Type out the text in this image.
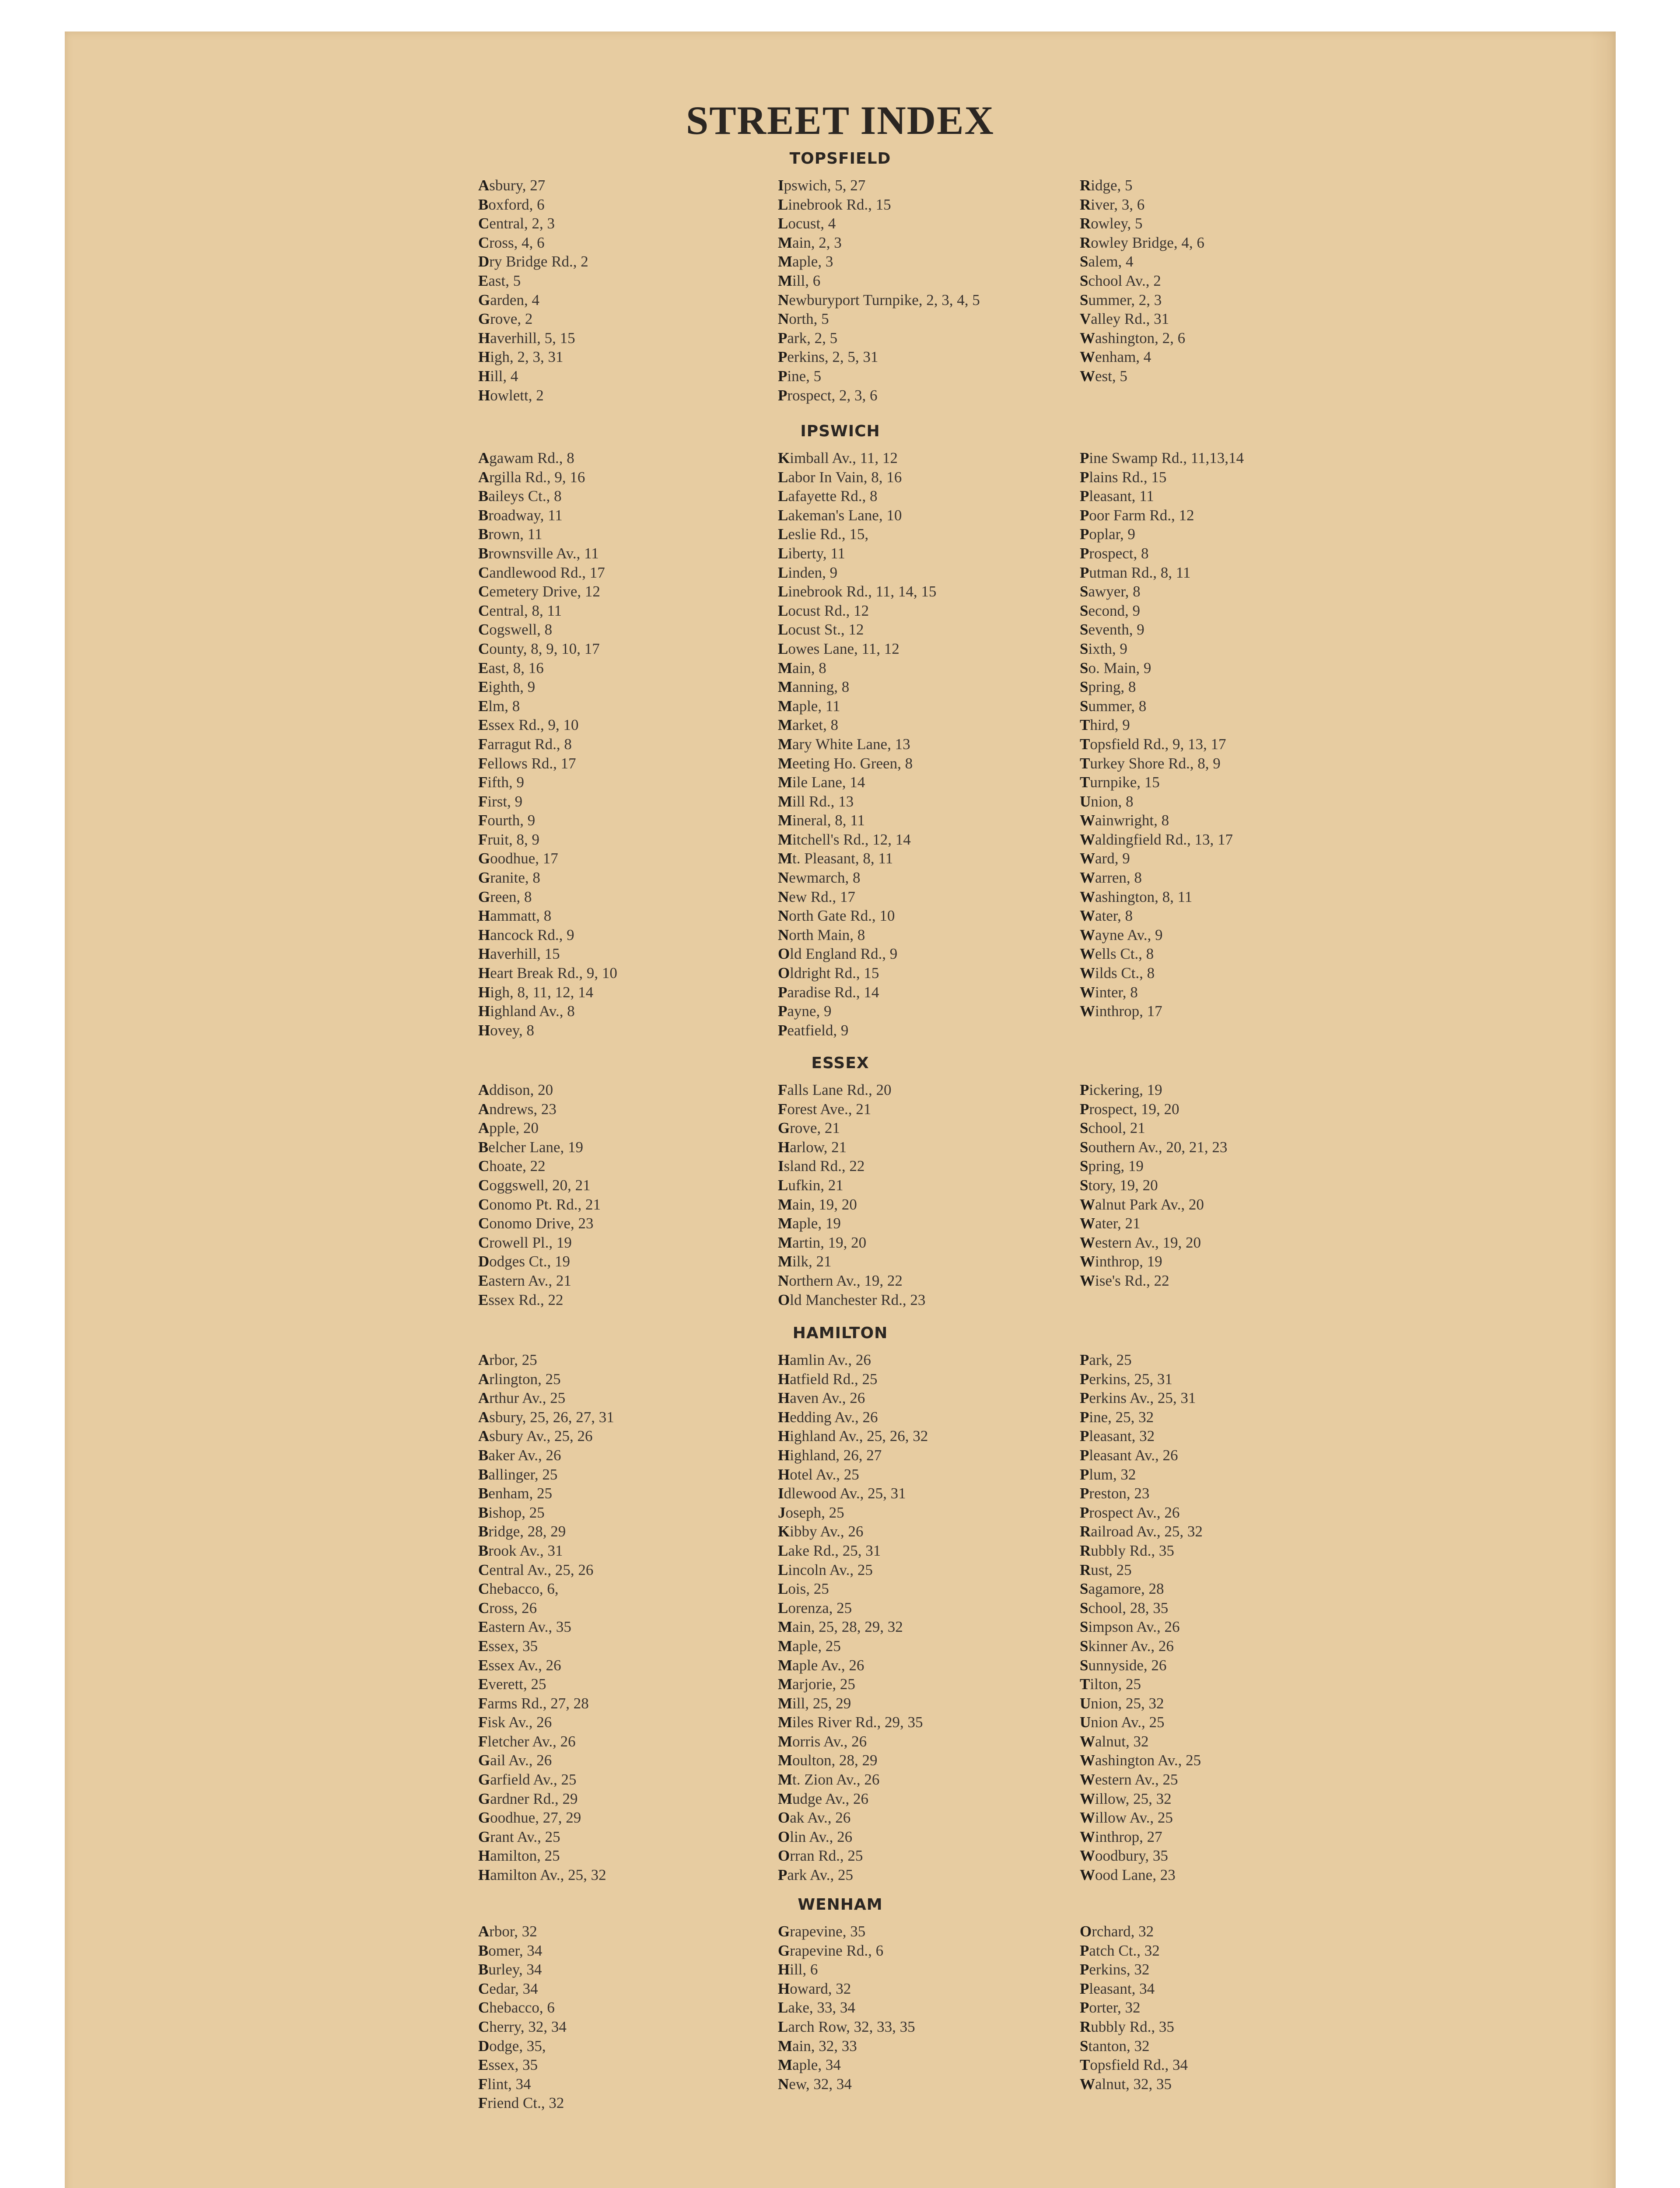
STREET INDEX
TOPSFIELD
Asbury, 27
Boxford, 6
Central, 2, 3
Cross, 4, 6
Dry Bridge Rd., 2
East, 5
Garden, 4
Grove, 2
Haverhill, 5, 15
High, 2, 3, 31
Hill, 4
Howlett, 2
Ipswich, 5, 27
Linebrook Rd., 15
Locust, 4
Main, 2, 3
Maple, 3
Mill, 6
Newburyport Turnpike, 2, 3, 4, 5
North, 5
Park, 2, 5
Perkins, 2, 5, 31
Pine, 5
Prospect, 2, 3, 6
Ridge, 5
River, 3, 6
Rowley, 5
Rowley Bridge, 4, 6
Salem, 4
School Av., 2
Summer, 2, 3
Valley Rd., 31
Washington, 2, 6
Wenham, 4
West, 5
IPSWICH
Agawam Rd., 8
Argilla Rd., 9, 16
Baileys Ct., 8
Broadway, 11
Brown, 11
Brownsville Av., 11
Candlewood Rd., 17
Cemetery Drive, 12
Central, 8, 11
Cogswell, 8
County, 8, 9, 10, 17
East, 8, 16
Eighth, 9
Elm, 8
Essex Rd., 9, 10
Farragut Rd., 8
Fellows Rd., 17
Fifth, 9
First, 9
Fourth, 9
Fruit, 8, 9
Goodhue, 17
Granite, 8
Green, 8
Hammatt, 8
Hancock Rd., 9
Haverhill, 15
Heart Break Rd., 9, 10
High, 8, 11, 12, 14
Highland Av., 8
Hovey, 8
Kimball Av., 11, 12
Labor In Vain, 8, 16
Lafayette Rd., 8
Lakeman's Lane, 10
Leslie Rd., 15,
Liberty, 11
Linden, 9
Linebrook Rd., 11, 14, 15
Locust Rd., 12
Locust St., 12
Lowes Lane, 11, 12
Main, 8
Manning, 8
Maple, 11
Market, 8
Mary White Lane, 13
Meeting Ho. Green, 8
Mile Lane, 14
Mill Rd., 13
Mineral, 8, 11
Mitchell's Rd., 12, 14
Mt. Pleasant, 8, 11
Newmarch, 8
New Rd., 17
North Gate Rd., 10
North Main, 8
Old England Rd., 9
Oldright Rd., 15
Paradise Rd., 14
Payne, 9
Peatfield, 9
Pine Swamp Rd., 11,13,14
Plains Rd., 15
Pleasant, 11
Poor Farm Rd., 12
Poplar, 9
Prospect, 8
Putman Rd., 8, 11
Sawyer, 8
Second, 9
Seventh, 9
Sixth, 9
So. Main, 9
Spring, 8
Summer, 8
Third, 9
Topsfield Rd., 9, 13, 17
Turkey Shore Rd., 8, 9
Turnpike, 15
Union, 8
Wainwright, 8
Waldingfield Rd., 13, 17
Ward, 9
Warren, 8
Washington, 8, 11
Water, 8
Wayne Av., 9
Wells Ct., 8
Wilds Ct., 8
Winter, 8
Winthrop, 17
ESSEX
Addison, 20
Andrews, 23
Apple, 20
Belcher Lane, 19
Choate, 22
Coggswell, 20, 21
Conomo Pt. Rd., 21
Conomo Drive, 23
Crowell Pl., 19
Dodges Ct., 19
Eastern Av., 21
Essex Rd., 22
Falls Lane Rd., 20
Forest Ave., 21
Grove, 21
Harlow, 21
Island Rd., 22
Lufkin, 21
Main, 19, 20
Maple, 19
Martin, 19, 20
Milk, 21
Northern Av., 19, 22
Old Manchester Rd., 23
Pickering, 19
Prospect, 19, 20
School, 21
Southern Av., 20, 21, 23
Spring, 19
Story, 19, 20
Walnut Park Av., 20
Water, 21
Western Av., 19, 20
Winthrop, 19
Wise's Rd., 22
HAMILTON
Arbor, 25
Arlington, 25
Arthur Av., 25
Asbury, 25, 26, 27, 31
Asbury Av., 25, 26
Baker Av., 26
Ballinger, 25
Benham, 25
Bishop, 25
Bridge, 28, 29
Brook Av., 31
Central Av., 25, 26
Chebacco, 6,
Cross, 26
Eastern Av., 35
Essex, 35
Essex Av., 26
Everett, 25
Farms Rd., 27, 28
Fisk Av., 26
Fletcher Av., 26
Gail Av., 26
Garfield Av., 25
Gardner Rd., 29
Goodhue, 27, 29
Grant Av., 25
Hamilton, 25
Hamilton Av., 25, 32
Hamlin Av., 26
Hatfield Rd., 25
Haven Av., 26
Hedding Av., 26
Highland Av., 25, 26, 32
Highland, 26, 27
Hotel Av., 25
Idlewood Av., 25, 31
Joseph, 25
Kibby Av., 26
Lake Rd., 25, 31
Lincoln Av., 25
Lois, 25
Lorenza, 25
Main, 25, 28, 29, 32
Maple, 25
Maple Av., 26
Marjorie, 25
Mill, 25, 29
Miles River Rd., 29, 35
Morris Av., 26
Moulton, 28, 29
Mt. Zion Av., 26
Mudge Av., 26
Oak Av., 26
Olin Av., 26
Orran Rd., 25
Park Av., 25
Park, 25
Perkins, 25, 31
Perkins Av., 25, 31
Pine, 25, 32
Pleasant, 32
Pleasant Av., 26
Plum, 32
Preston, 23
Prospect Av., 26
Railroad Av., 25, 32
Rubbly Rd., 35
Rust, 25
Sagamore, 28
School, 28, 35
Simpson Av., 26
Skinner Av., 26
Sunnyside, 26
Tilton, 25
Union, 25, 32
Union Av., 25
Walnut, 32
Washington Av., 25
Western Av., 25
Willow, 25, 32
Willow Av., 25
Winthrop, 27
Woodbury, 35
Wood Lane, 23
WENHAM
Arbor, 32
Bomer, 34
Burley, 34
Cedar, 34
Chebacco, 6
Cherry, 32, 34
Dodge, 35,
Essex, 35
Flint, 34
Friend Ct., 32
Grapevine, 35
Grapevine Rd., 6
Hill, 6
Howard, 32
Lake, 33, 34
Larch Row, 32, 33, 35
Main, 32, 33
Maple, 34
New, 32, 34
Orchard, 32
Patch Ct., 32
Perkins, 32
Pleasant, 34
Porter, 32
Rubbly Rd., 35
Stanton, 32
Topsfield Rd., 34
Walnut, 32, 35
